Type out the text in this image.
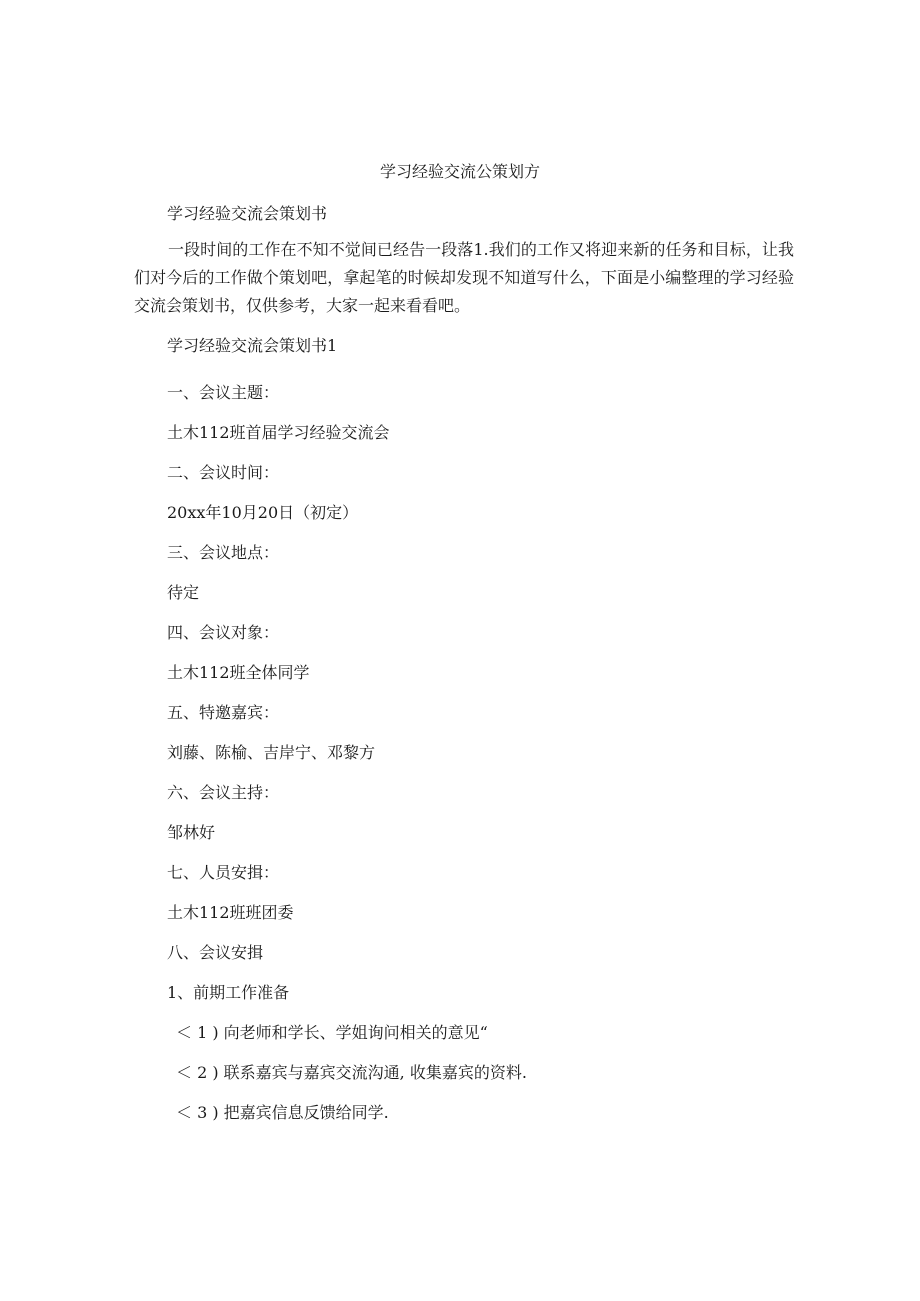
学习经验交流公策划方
学习经验交流会策划书
一段时间的工作在不知不觉间已经告一段落1.我们的工作又将迎来新的任务和目标，让我们对今后的工作做个策划吧，拿起笔的时候却发现不知道写什么，下面是小编整理的学习经验交流会策划书，仅供参考，大家一起来看看吧。
学习经验交流会策划书1
一、会议主题：
土木112班首届学习经验交流会
二、会议时间：
20xx年10月20日（初定）
三、会议地点：
待定
四、会议对象：
土木112班全体同学
五、特邀嘉宾：
刘藤、陈榆、吉岸宁、邓黎方
六、会议主持：
邹林好
七、人员安揖：
土木112班班团委
八、会议安揖
1、前期工作准备
＜ 1 ) 向老师和学长、学姐询问相关的意见“
＜ 2 ) 联系嘉宾与嘉宾交流沟通, 收集嘉宾的资料.
＜ 3 ) 把嘉宾信息反馈给同学.
